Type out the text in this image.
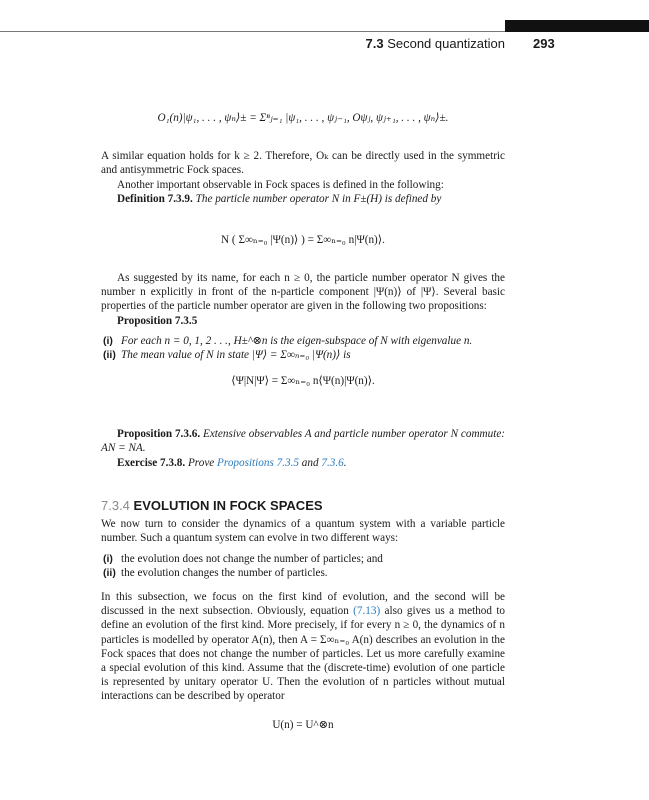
7.3 Second quantization 293
O₁(n)|ψ₁, . . . , ψₙ⟩± = Σⁿⱼ₌₁ |ψ₁, . . . , ψⱼ₋₁, Oψⱼ, ψⱼ₊₁, . . . , ψₙ⟩±.
A similar equation holds for k ≥ 2. Therefore, Oₖ can be directly used in the symmetric and antisymmetric Fock spaces.
Another important observable in Fock spaces is defined in the following:
Definition 7.3.9. The particle number operator N in F±(H) is defined by
N ( Σ∞ₙ₌₀ |Ψ(n)⟩ ) = Σ∞ₙ₌₀ n|Ψ(n)⟩.
As suggested by its name, for each n ≥ 0, the particle number operator N gives the number n explicitly in front of the n-particle component |Ψ(n)⟩ of |Ψ⟩. Several basic properties of the particle number operator are given in the following two propositions:
Proposition 7.3.5
(i) For each n = 0, 1, 2 . . ., H±^⊗n is the eigen-subspace of N with eigenvalue n.
(ii) The mean value of N in state |Ψ⟩ = Σ∞ₙ₌₀ |Ψ(n)⟩ is
⟨Ψ|N|Ψ⟩ = Σ∞ₙ₌₀ n⟨Ψ(n)|Ψ(n)⟩.
Proposition 7.3.6. Extensive observables A and particle number operator N commute: AN = NA.
Exercise 7.3.8. Prove Propositions 7.3.5 and 7.3.6.
7.3.4 EVOLUTION IN FOCK SPACES
We now turn to consider the dynamics of a quantum system with a variable particle number. Such a quantum system can evolve in two different ways:
(i) the evolution does not change the number of particles; and
(ii) the evolution changes the number of particles.
In this subsection, we focus on the first kind of evolution, and the second will be discussed in the next subsection. Obviously, equation (7.13) also gives us a method to define an evolution of the first kind. More precisely, if for every n ≥ 0, the dynamics of n particles is modelled by operator A(n), then A = Σ∞ₙ₌₀ A(n) describes an evolution in the Fock spaces that does not change the number of particles. Let us more carefully examine a special evolution of this kind. Assume that the (discrete-time) evolution of one particle is represented by unitary operator U. Then the evolution of n particles without mutual interactions can be described by operator
U(n) = U^⊗n
